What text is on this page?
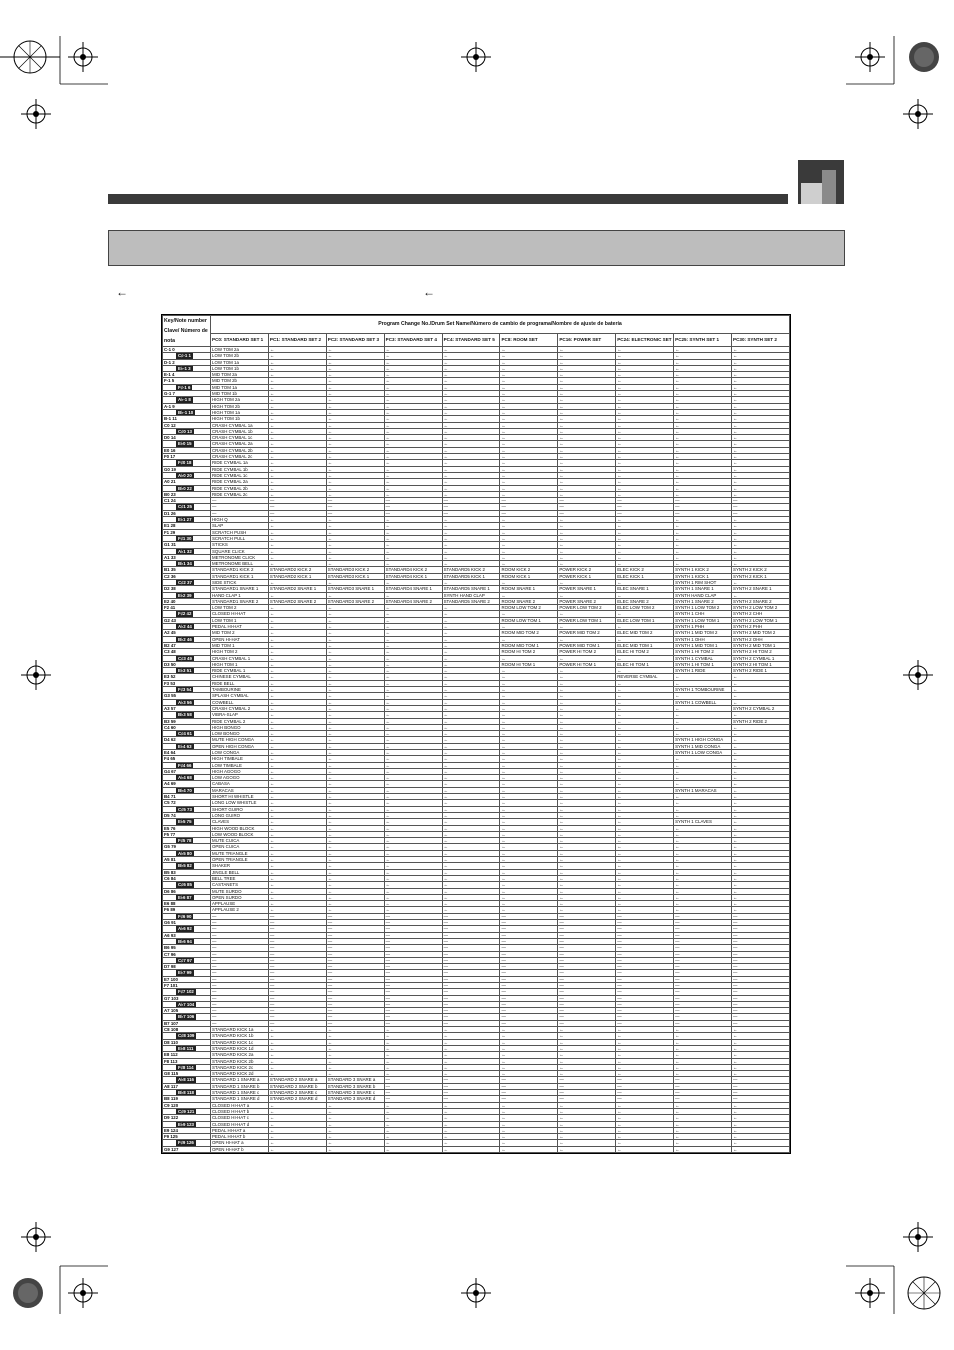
←	←
Key/Note number Clave/ Número de nota	Program Change No./Drum Set Name/Número de cambio de programa/Nombre de ajuste de batería									
	PC0: STANDARD SET 1	PC1: STANDARD SET 2	PC2: STANDARD SET 3	PC3: STANDARD SET 4	PC4: STANDARD SET 5	PC8: ROOM SET	PC16: POWER SET	PC24: ELECTRONIC SET	PC25: SYNTH SET 1	PC30: SYNTH SET 2
C-1 0	LOW TOM 2a	←	←	←	←	←	←	←	←	←
C♯-1 1	LOW TOM 2b	←	←	←	←	←	←	←	←	←
D-1 2	LOW TOM 1a	←	←	←	←	←	←	←	←	←
E♭-1 3	LOW TOM 1b	←	←	←	←	←	←	←	←	←
E-1 4	MID TOM 2a	←	←	←	←	←	←	←	←	←
F-1 5	MID TOM 2b	←	←	←	←	←	←	←	←	←
F♯-1 6	MID TOM 1a	←	←	←	←	←	←	←	←	←
G-1 7	MID TOM 1b	←	←	←	←	←	←	←	←	←
A♭-1 8	HIGH TOM 2a	←	←	←	←	←	←	←	←	←
A-1 9	HIGH TOM 2b	←	←	←	←	←	←	←	←	←
B♭-1 10	HIGH TOM 1a	←	←	←	←	←	←	←	←	←
B-1 11	HIGH TOM 1b	←	←	←	←	←	←	←	←	←
C0 12	CRASH CYMBAL 1a	←	←	←	←	←	←	←	←	←
C♯0 13	CRASH CYMBAL 1b	←	←	←	←	←	←	←	←	←
D0 14	CRASH CYMBAL 1c	←	←	←	←	←	←	←	←	←
E♭0 15	CRASH CYMBAL 2a	←	←	←	←	←	←	←	←	←
E0 16	CRASH CYMBAL 2b	←	←	←	←	←	←	←	←	←
F0 17	CRASH CYMBAL 2c	←	←	←	←	←	←	←	←	←
F♯0 18	RIDE CYMBAL 1a	←	←	←	←	←	←	←	←	←
G0 19	RIDE CYMBAL 1b	←	←	←	←	←	←	←	←	←
A♭0 20	RIDE CYMBAL 1c	←	←	←	←	←	←	←	←	←
A0 21	RIDE CYMBAL 2a	←	←	←	←	←	←	←	←	←
B♭0 22	RIDE CYMBAL 2b	←	←	←	←	←	←	←	←	←
B0 23	RIDE CYMBAL 2c	←	←	←	←	←	←	←	←	←
C1 24	—	—	—	—	—	—	—	—	—	—
C♯1 25	—	—	—	—	—	—	—	—	—	—
D1 26	—	—	—	—	—	—	—	—	—	—
E♭1 27	HIGH Q	←	←	←	←	←	←	←	←	←
E1 28	SLAP	←	←	←	←	←	←	←	←	←
F1 29	SCRATCH PUSH	←	←	←	←	←	←	←	←	←
F♯1 30	SCRATCH PULL	←	←	←	←	←	←	←	←	←
G1 31	STICKS	←	←	←	←	←	←	←	←	←
A♭1 32	SQUARE CLICK	←	←	←	←	←	←	←	←	←
A1 33	METRONOME CLICK	←	←	←	←	←	←	←	←	←
B♭1 34	METRONOME BELL	←	←	←	←	←	←	←	←	←
B1 35	STANDARD1 KICK 2	STANDARD2 KICK 2	STANDARD3 KICK 2	STANDARD4 KICK 2	STANDARD5 KICK 2	ROOM KICK 2	POWER KICK 2	ELEC KICK 2	SYNTH 1 KICK 2	SYNTH 2 KICK 2
C2 36	STANDARD1 KICK 1	STANDARD2 KICK 1	STANDARD3 KICK 1	STANDARD4 KICK 1	STANDARD5 KICK 1	ROOM KICK 1	POWER KICK 1	ELEC KICK 1	SYNTH 1 KICK 1	SYNTH 2 KICK 1
C♯2 37	SIDE STICK	←	←	←	←	←	←	←	SYNTH 1 RIM SHOT	←
D2 38	STANDARD1 SNARE 1	STANDARD2 SNARE 1	STANDARD3 SNARE 1	STANDARD4 SNARE 1	STANDARD5 SNARE 1	ROOM SNARE 1	POWER SNARE 1	ELEC SNARE 1	SYNTH 1 SNARE 1	SYNTH 2 SNARE 1
E♭2 39	HAND CLAP 1	←	←	←	SYNTH HAND CLAP	←	←	←	SYNTH HAND CLAP	←
E2 40	STANDARD1 SNARE 2	STANDARD2 SNARE 2	STANDARD3 SNARE 2	STANDARD4 SNARE 2	STANDARD5 SNARE 2	ROOM SNARE 2	POWER SNARE 2	ELEC SNARE 2	SYNTH 1 SNARE 2	SYNTH 2 SNARE 2
F2 41	LOW TOM 2	←	←	←	←	ROOM LOW TOM 2	POWER LOW TOM 2	ELEC LOW TOM 2	SYNTH 1 LOW TOM 2	SYNTH 2 LOW TOM 2
F♯2 42	CLOSED HI-HAT	←	←	←	←	←	←	←	SYNTH 1 CHH	SYNTH 2 CHH
G2 43	LOW TOM 1	←	←	←	←	ROOM LOW TOM 1	POWER LOW TOM 1	ELEC LOW TOM 1	SYNTH 1 LOW TOM 1	SYNTH 2 LOW TOM 1
A♭2 44	PEDAL HI-HAT	←	←	←	←	←	←	←	SYNTH 1 PHH	SYNTH 2 PHH
A2 45	MID TOM 2	←	←	←	←	ROOM MID TOM 2	POWER MID TOM 2	ELEC MID TOM 2	SYNTH 1 MID TOM 2	SYNTH 2 MID TOM 2
B♭2 46	OPEN HI-HAT	←	←	←	←	←	←	←	SYNTH 1 OHH	SYNTH 2 OHH
B2 47	MID TOM 1	←	←	←	←	ROOM MID TOM 1	POWER MID TOM 1	ELEC MID TOM 1	SYNTH 1 MID TOM 1	SYNTH 2 MID TOM 1
C3 48	HIGH TOM 2	←	←	←	←	ROOM HI TOM 2	POWER HI TOM 2	ELEC HI TOM 2	SYNTH 1 HI TOM 2	SYNTH 2 HI TOM 2
C♯3 49	CRASH CYMBAL 1	←	←	←	←	←	←	←	SYNTH 1 CYMBAL	SYNTH 2 CYMBAL 1
D3 50	HIGH TOM 1	←	←	←	←	ROOM HI TOM 1	POWER HI TOM 1	ELEC HI TOM 1	SYNTH 1 HI TOM 1	SYNTH 2 HI TOM 1
E♭3 51	RIDE CYMBAL 1	←	←	←	←	←	←	←	SYNTH 1 RIDE	SYNTH 2 RIDE 1
E3 52	CHINESE CYMBAL	←	←	←	←	←	←	REVERSE CYMBAL	←	←
F3 53	RIDE BELL	←	←	←	←	←	←	←	←	←
F♯3 54	TAMBOURINE	←	←	←	←	←	←	←	SYNTH 1 TOMBOURINE	←
G3 55	SPLASH CYMBAL	←	←	←	←	←	←	←	←	←
A♭3 56	COWBELL	←	←	←	←	←	←	←	SYNTH 1 COWBELL	←
A3 57	CRASH CYMBAL 2	←	←	←	←	←	←	←	←	SYNTH 2 CYMBAL 2
B♭3 58	VIBRA-SLAP	←	←	←	←	←	←	←	←	←
B3 59	RIDE CYMBAL 2	←	←	←	←	←	←	←	←	SYNTH 2 RIDE 2
C4 60	HIGH BONGO	←	←	←	←	←	←	←	←	←
C♯4 61	LOW BONGO	←	←	←	←	←	←	←	←	←
D4 62	MUTE HIGH CONGA	←	←	←	←	←	←	←	SYNTH 1 HIGH CONGA	←
E♭4 63	OPEN HIGH CONGA	←	←	←	←	←	←	←	SYNTH 1 MID CONGA	←
E4 64	LOW CONGA	←	←	←	←	←	←	←	SYNTH 1 LOW CONGA	←
F4 65	HIGH TIMBALE	←	←	←	←	←	←	←	←	←
F♯4 66	LOW TIMBALE	←	←	←	←	←	←	←	←	←
G4 67	HIGH AGOGO	←	←	←	←	←	←	←	←	←
A♭4 68	LOW AGOGO	←	←	←	←	←	←	←	←	←
A4 69	CABASA	←	←	←	←	←	←	←	←	←
B♭4 70	MARACAS	←	←	←	←	←	←	←	SYNTH 1 MARACAS	←
B4 71	SHORT HI WHISTLE	←	←	←	←	←	←	←	←	←
C5 72	LONG LOW WHISTLE	←	←	←	←	←	←	←	←	←
C♯5 73	SHORT GUIRO	←	←	←	←	←	←	←	←	←
D5 74	LONG GUIRO	←	←	←	←	←	←	←	←	←
E♭5 75	CLAVES	←	←	←	←	←	←	←	SYNTH 1 CLAVES	←
E5 76	HIGH WOOD BLOCK	←	←	←	←	←	←	←	←	←
F5 77	LOW WOOD BLOCK	←	←	←	←	←	←	←	←	←
F♯5 78	MUTE CUICA	←	←	←	←	←	←	←	←	←
G5 79	OPEN CUICA	←	←	←	←	←	←	←	←	←
A♭5 80	MUTE TRIANGLE	←	←	←	←	←	←	←	←	←
A5 81	OPEN TRIANGLE	←	←	←	←	←	←	←	←	←
B♭5 82	SHAKER	←	←	←	←	←	←	←	←	←
B5 83	JINGLE BELL	←	←	←	←	←	←	←	←	←
C6 84	BELL TREE	←	←	←	←	←	←	←	←	←
C♯6 85	CASTANETS	←	←	←	←	←	←	←	←	←
D6 86	MUTE SURDO	←	←	←	←	←	←	←	←	←
E♭6 87	OPEN SURDO	←	←	←	←	←	←	←	←	←
E6 88	APPLAUSE	←	←	←	←	←	←	←	←	←
F6 89	APPLAUSE 2	←	←	←	←	←	←	←	←	←
F♯6 90	—	—	—	—	—	—	—	—	—	—
G6 91	—	—	—	—	—	—	—	—	—	—
A♭6 92	—	—	—	—	—	—	—	—	—	—
A6 93	—	—	—	—	—	—	—	—	—	—
B♭6 94	—	—	—	—	—	—	—	—	—	—
B6 95	—	—	—	—	—	—	—	—	—	—
C7 96	—	—	—	—	—	—	—	—	—	—
C♯7 97	—	—	—	—	—	—	—	—	—	—
D7 98	—	—	—	—	—	—	—	—	—	—
E♭7 99	—	—	—	—	—	—	—	—	—	—
E7 100	—	—	—	—	—	—	—	—	—	—
F7 101	—	—	—	—	—	—	—	—	—	—
F♯7 102	—	—	—	—	—	—	—	—	—	—
G7 103	—	—	—	—	—	—	—	—	—	—
A♭7 104	—	—	—	—	—	—	—	—	—	—
A7 105	—	—	—	—	—	—	—	—	—	—
B♭7 106	—	—	—	—	—	—	—	—	—	—
B7 107	—	—	—	—	—	—	—	—	—	—
C8 108	STANDARD KICK 1a	←	←	←	←	←	←	←	←	←
C♯8 109	STANDARD KICK 1b	←	←	←	←	←	←	←	←	←
D8 110	STANDARD KICK 1c	←	←	←	←	←	←	←	←	←
E♭8 111	STANDARD KICK 1d	←	←	←	←	←	←	←	←	←
E8 112	STANDARD KICK 2a	←	←	←	←	←	←	←	←	←
F8 113	STANDARD KICK 2b	←	←	←	←	←	←	←	←	←
F♯8 114	STANDARD KICK 2c	←	←	←	←	←	←	←	←	←
G8 115	STANDARD KICK 2d	←	←	←	←	←	←	←	←	←
A♭8 116	STANDARD 1 SNARE a	STANDARD 2 SNARE a	STANDARD 3 SNARE a	—	—	—	—	—	—	—
A8 117	STANDARD 1 SNARE b	STANDARD 2 SNARE b	STANDARD 3 SNARE b	—	—	—	—	—	—	—
B♭8 118	STANDARD 1 SNARE c	STANDARD 2 SNARE c	STANDARD 3 SNARE c	—	—	—	—	—	—	—
B8 119	STANDARD 1 SNARE d	STANDARD 2 SNARE d	STANDARD 3 SNARE d	—	—	—	—	—	—	—
C9 120	CLOSED HI-HAT a	←	←	←	←	←	←	←	←	←
C♯9 121	CLOSED HI-HAT b	←	←	←	←	←	←	←	←	←
D9 122	CLOSED HI-HAT c	←	←	←	←	←	←	←	←	←
E♭9 123	CLOSED HI-HAT d	←	←	←	←	←	←	←	←	←
E9 124	PEDAL HI-HAT a	←	←	←	←	←	←	←	←	←
F9 125	PEDAL HI-HAT b	←	←	←	←	←	←	←	←	←
F♯9 126	OPEN HI-HAT a	←	←	←	←	←	←	←	←	←
G9 127	OPEN HI-HAT b	←	←	←	←	←	←	←	←	←
